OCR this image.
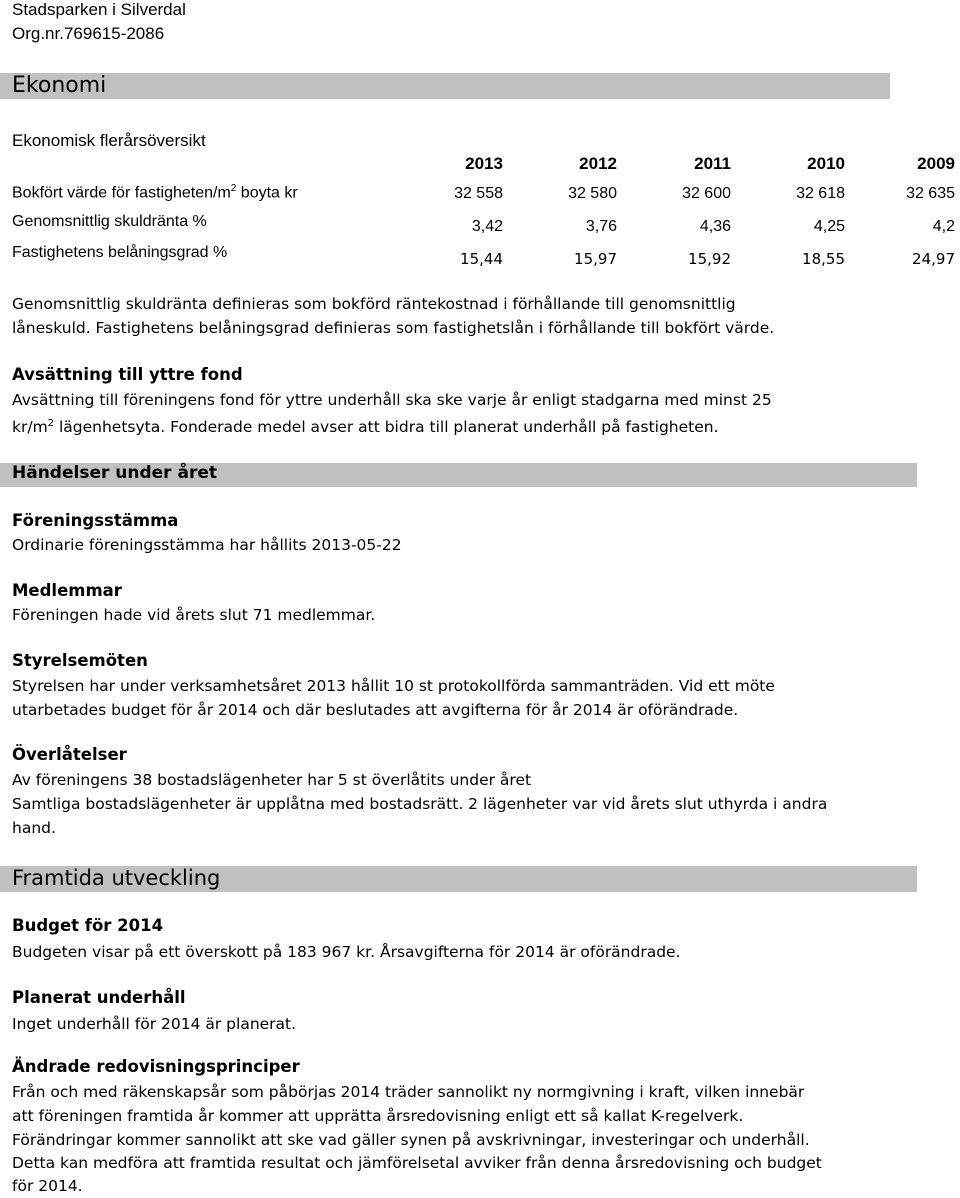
Stadsparken i Silverdal
Org.nr.769615-2086
Ekonomi
Ekonomisk flerårsöversikt
2013	2012	2011	2010	2009
Bokfört värde för fastigheten/$m^2$ boyta kr	32 558	32 580	32 600	32 618	32 635
Genomsnittlig skuldränta %	3,42	3,76	4,36	4,25	4,2
Fastighetens belåningsgrad %	15,44	15,97	15,92	18,55	24,97
Genomsnittlig skuldränta definieras som bokförd räntekostnad i förhållande till genomsnittlig
låneskuld. Fastighetens belåningsgrad definieras som fastighetslån i förhållande till bokfört värde.
Avsättning till yttre fond
Avsättning till föreningens fond för yttre underhåll ska ske varje år enligt stadgarna med minst 25
$kr/m^2$ lägenhetsyta. Fonderade medel avser att bidra till planerat underhåll på fastigheten.
Händelser under året
Föreningsstämma
Ordinarie föreningsstämma har hållits 2013-05-22
Medlemmar
Föreningen hade vid årets slut 71 medlemmar.
Styrelsemöten
Styrelsen har under verksamhetsåret 2013 hållit 10 st protokollförda sammanträden. Vid ett möte
utarbetades budget för år 2014 och där beslutades att avgifterna för år 2014 är oförändrade.
Överlåtelser
Av föreningens 38 bostadslägenheter har 5 st överlåtits under året
Samtliga bostadslägenheter är upplåtna med bostadsrätt. 2 lägenheter var vid årets slut uthyrda i andra
hand.
Framtida utveckling
Budget för 2014
Budgeten visar på ett överskott på 183 967 kr. Årsavgifterna för 2014 är oförändrade.
Planerat underhåll
Inget underhåll för 2014 är planerat.
Ändrade redovisningsprinciper
Från och med räkenskapsår som påbörjas 2014 träder sannolikt ny normgivning i kraft, vilken innebär
att föreningen framtida år kommer att upprätta årsredovisning enligt ett så kallat K-regelverk.
Förändringar kommer sannolikt att ske vad gäller synen på avskrivningar, investeringar och underhåll.
Detta kan medföra att framtida resultat och jämförelsetal avviker från denna årsredovisning och budget
för 2014.
